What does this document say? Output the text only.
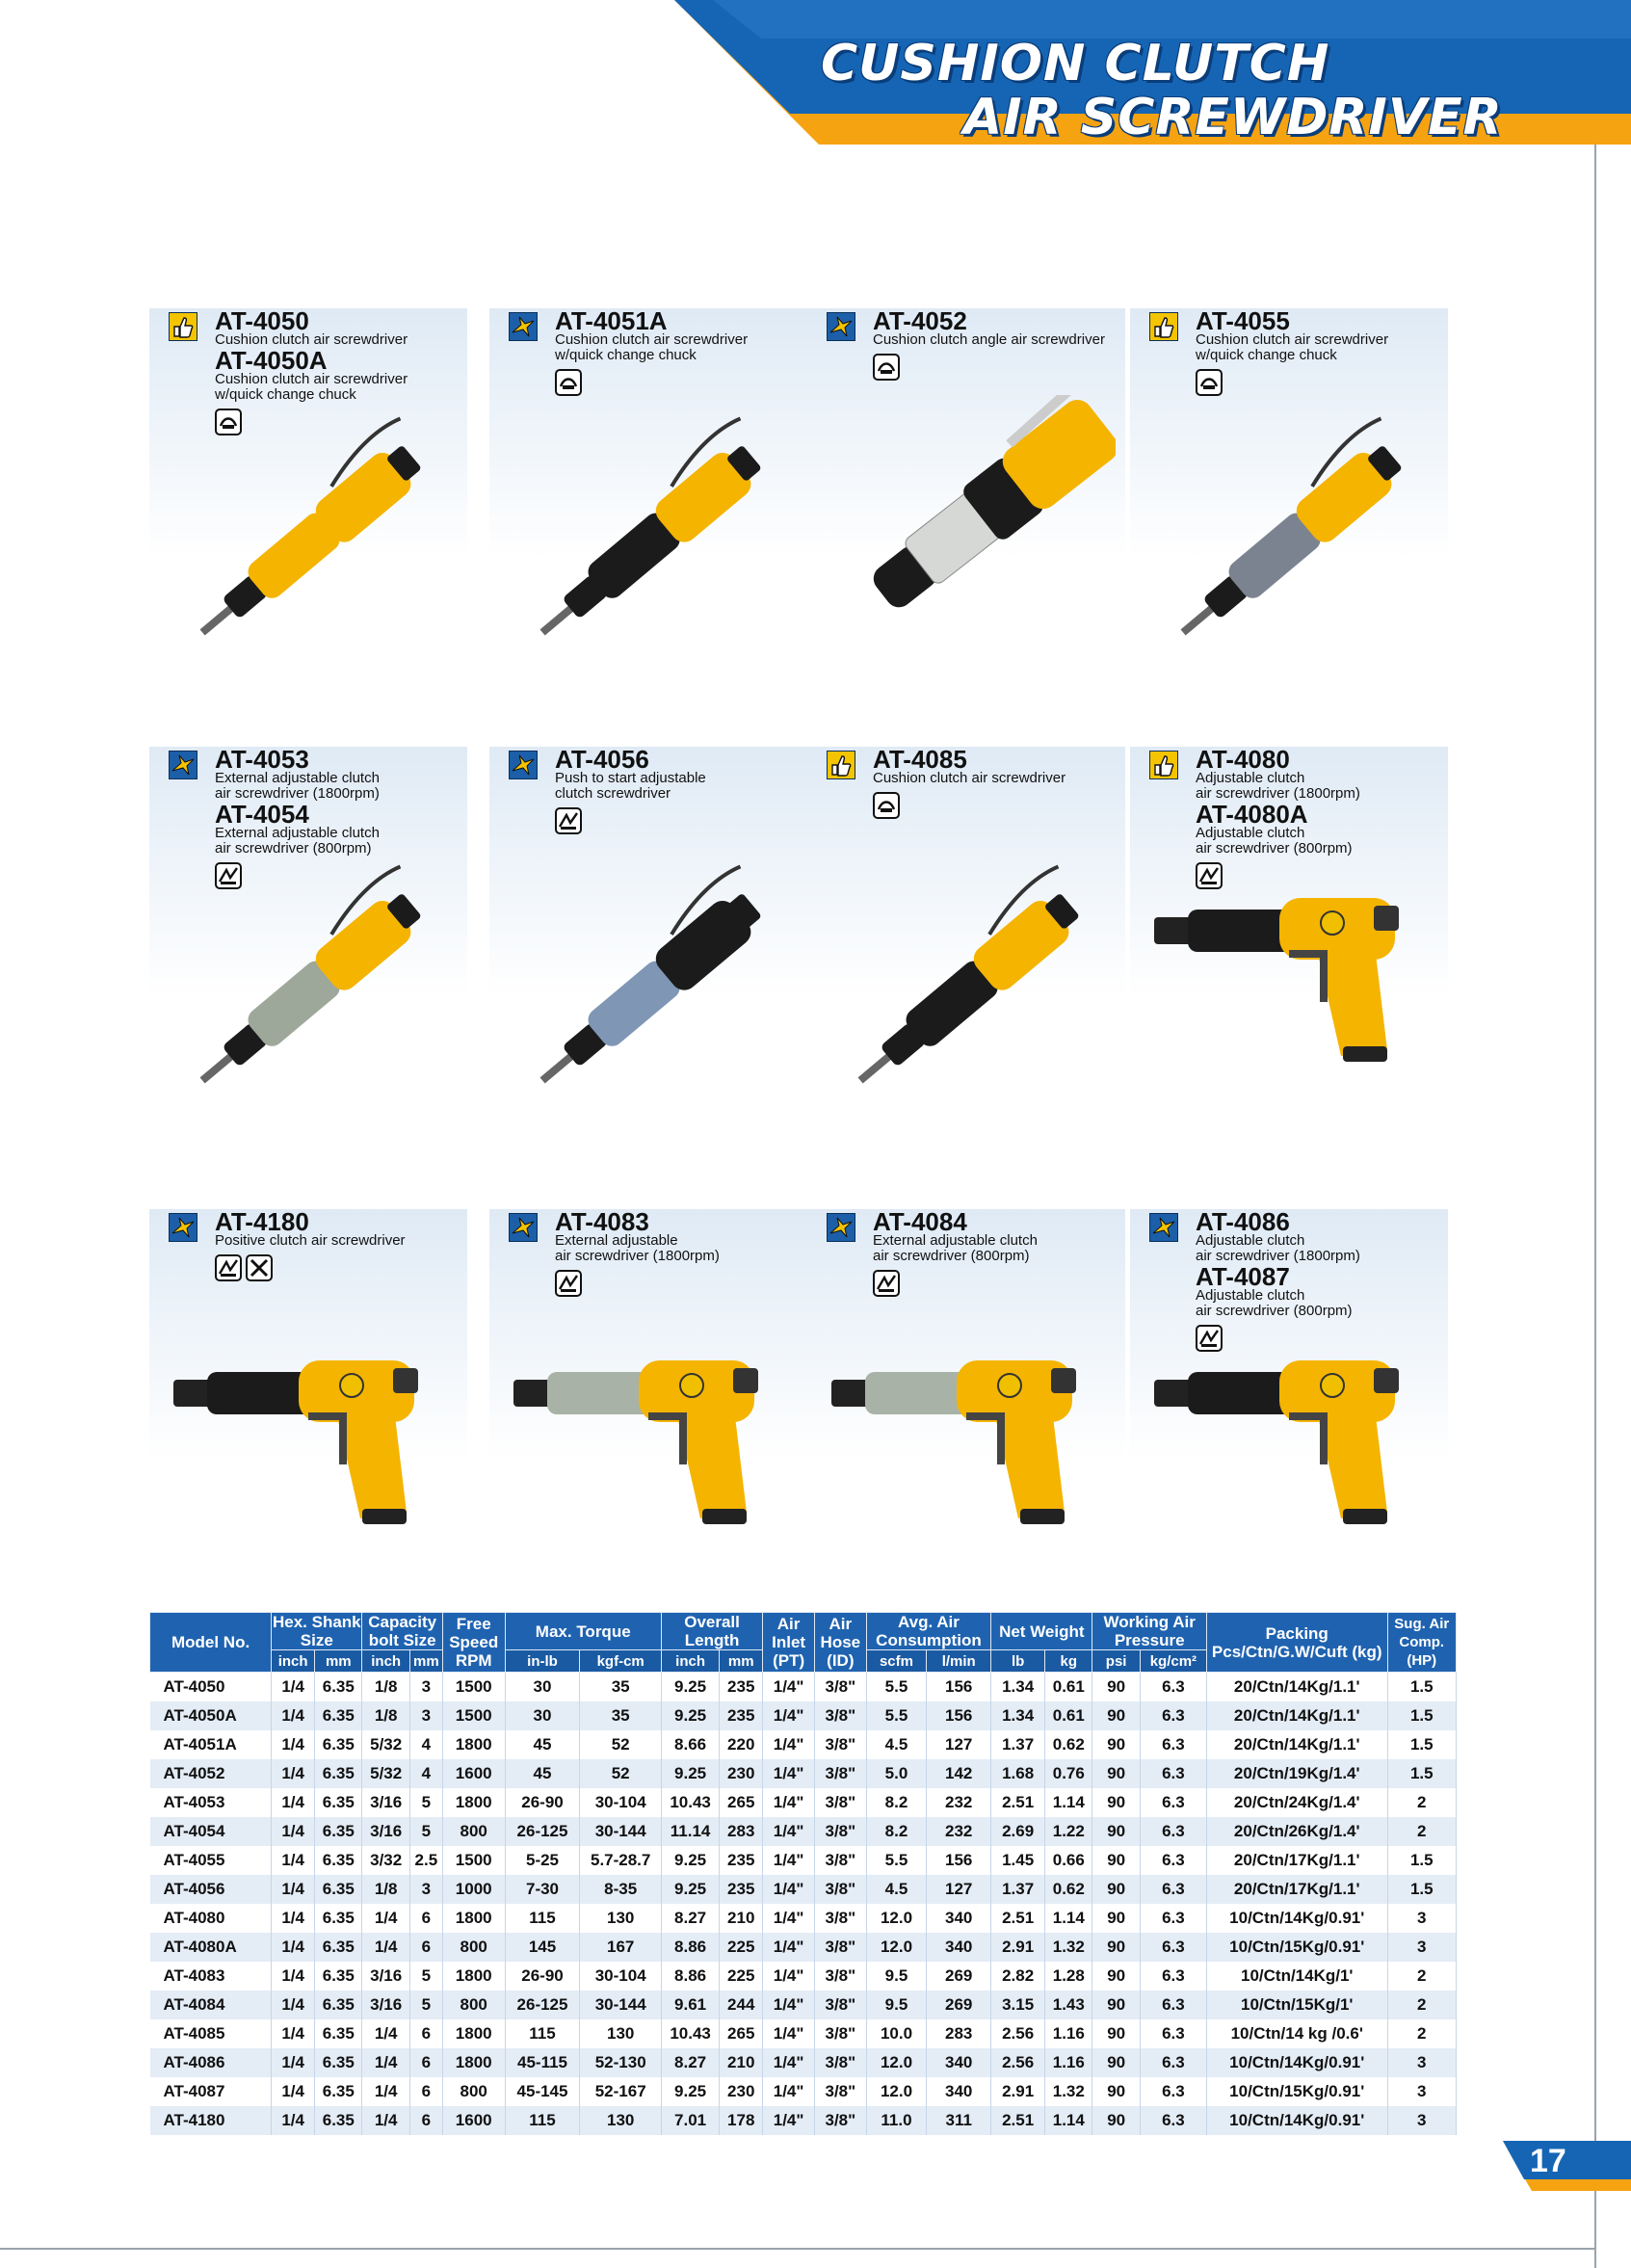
CUSHION CLUTCH
AIR SCREWDRIVER
AT-4050
Cushion clutch air screwdriver
AT-4050A
Cushion clutch air screwdriver
w/quick change chuck
AT-4051A
Cushion clutch air screwdriver
w/quick change chuck
AT-4052
Cushion clutch angle air screwdriver
AT-4055
Cushion clutch air screwdriver
w/quick change chuck
AT-4053
External adjustable clutch
air screwdriver (1800rpm)
AT-4054
External adjustable clutch
air screwdriver (800rpm)
AT-4056
Push to start adjustable
clutch screwdriver
AT-4085
Cushion clutch air screwdriver
AT-4080
Adjustable clutch
air screwdriver (1800rpm)
AT-4080A
Adjustable clutch
air screwdriver (800rpm)
AT-4180
Positive clutch air screwdriver
AT-4083
External adjustable
air screwdriver (1800rpm)
AT-4084
External adjustable clutch
air screwdriver (800rpm)
AT-4086
Adjustable clutch
air screwdriver (1800rpm)
AT-4087
Adjustable clutch
air screwdriver (800rpm)
Model No.	Hex. Shank Size		Capacity bolt Size		Free Speed RPM	Max. Torque		Overall Length		Air Inlet (PT)	Air Hose (ID)	Avg. Air Consumption		Net Weight		Working Air Pressure		Packing Pcs/Ctn/G.W/Cuft (kg)	Sug. Air Comp. (HP)
	inch	mm	inch	mm		in-lb	kgf-cm	inch	mm			scfm	l/min	lb	kg	psi	kg/cm²		
AT-4050	1/4	6.35	1/8	3	1500	30	35	9.25	235	1/4"	3/8"	5.5	156	1.34	0.61	90	6.3	20/Ctn/14Kg/1.1'	1.5
AT-4050A	1/4	6.35	1/8	3	1500	30	35	9.25	235	1/4"	3/8"	5.5	156	1.34	0.61	90	6.3	20/Ctn/14Kg/1.1'	1.5
AT-4051A	1/4	6.35	5/32	4	1800	45	52	8.66	220	1/4"	3/8"	4.5	127	1.37	0.62	90	6.3	20/Ctn/14Kg/1.1'	1.5
AT-4052	1/4	6.35	5/32	4	1600	45	52	9.25	230	1/4"	3/8"	5.0	142	1.68	0.76	90	6.3	20/Ctn/19Kg/1.4'	1.5
AT-4053	1/4	6.35	3/16	5	1800	26-90	30-104	10.43	265	1/4"	3/8"	8.2	232	2.51	1.14	90	6.3	20/Ctn/24Kg/1.4'	2
AT-4054	1/4	6.35	3/16	5	800	26-125	30-144	11.14	283	1/4"	3/8"	8.2	232	2.69	1.22	90	6.3	20/Ctn/26Kg/1.4'	2
AT-4055	1/4	6.35	3/32	2.5	1500	5-25	5.7-28.7	9.25	235	1/4"	3/8"	5.5	156	1.45	0.66	90	6.3	20/Ctn/17Kg/1.1'	1.5
AT-4056	1/4	6.35	1/8	3	1000	7-30	8-35	9.25	235	1/4"	3/8"	4.5	127	1.37	0.62	90	6.3	20/Ctn/17Kg/1.1'	1.5
AT-4080	1/4	6.35	1/4	6	1800	115	130	8.27	210	1/4"	3/8"	12.0	340	2.51	1.14	90	6.3	10/Ctn/14Kg/0.91'	3
AT-4080A	1/4	6.35	1/4	6	800	145	167	8.86	225	1/4"	3/8"	12.0	340	2.91	1.32	90	6.3	10/Ctn/15Kg/0.91'	3
AT-4083	1/4	6.35	3/16	5	1800	26-90	30-104	8.86	225	1/4"	3/8"	9.5	269	2.82	1.28	90	6.3	10/Ctn/14Kg/1'	2
AT-4084	1/4	6.35	3/16	5	800	26-125	30-144	9.61	244	1/4"	3/8"	9.5	269	3.15	1.43	90	6.3	10/Ctn/15Kg/1'	2
AT-4085	1/4	6.35	1/4	6	1800	115	130	10.43	265	1/4"	3/8"	10.0	283	2.56	1.16	90	6.3	10/Ctn/14 kg /0.6'	2
AT-4086	1/4	6.35	1/4	6	1800	45-115	52-130	8.27	210	1/4"	3/8"	12.0	340	2.56	1.16	90	6.3	10/Ctn/14Kg/0.91'	3
AT-4087	1/4	6.35	1/4	6	800	45-145	52-167	9.25	230	1/4"	3/8"	12.0	340	2.91	1.32	90	6.3	10/Ctn/15Kg/0.91'	3
AT-4180	1/4	6.35	1/4	6	1600	115	130	7.01	178	1/4"	3/8"	11.0	311	2.51	1.14	90	6.3	10/Ctn/14Kg/0.91'	3
17
